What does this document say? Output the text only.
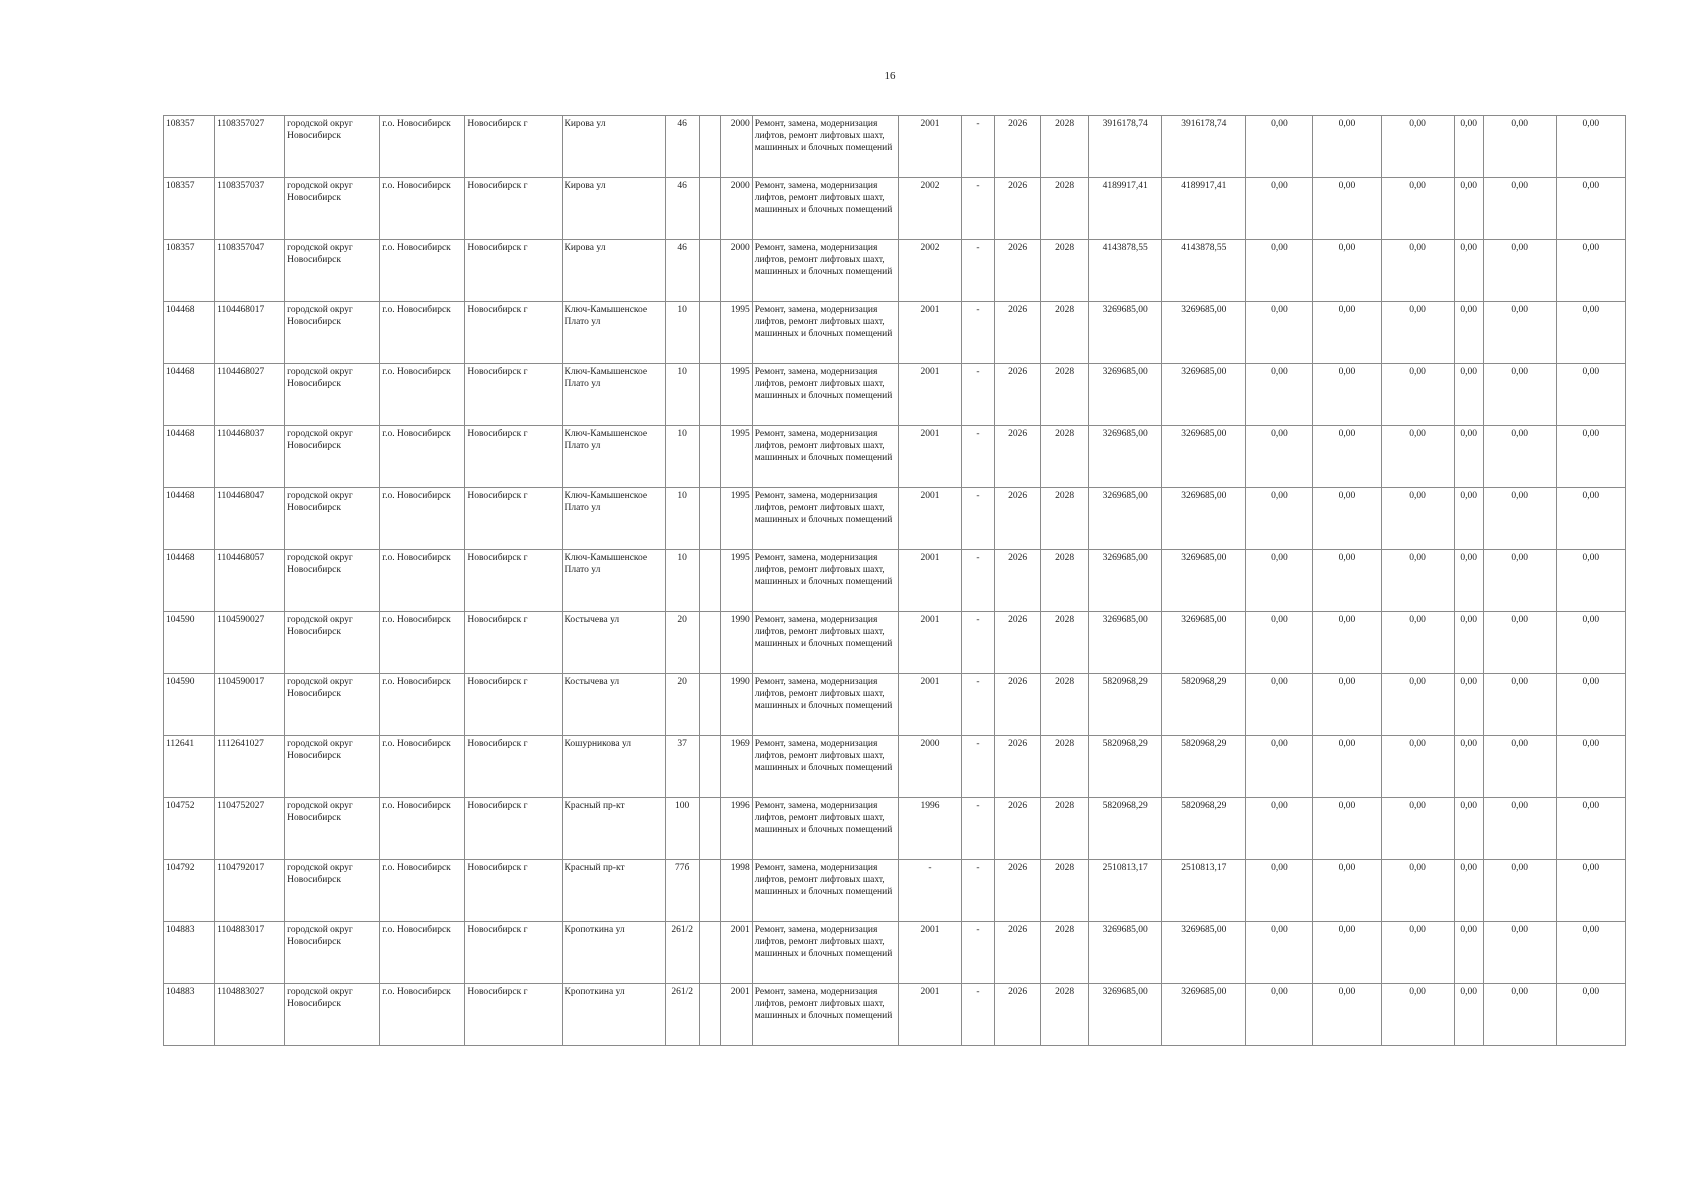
16
108357	1108357027	городской округ Новосибирск	г.о. Новосибирск	Новосибирск г	Кирова ул	46		2000	Ремонт, замена, модернизация лифтов, ремонт лифтовых шахт, машинных и блочных помещений	2001	-	2026	2028	3916178,74	3916178,74	0,00	0,00	0,00	0,00	0,00	0,00
108357	1108357037	городской округ Новосибирск	г.о. Новосибирск	Новосибирск г	Кирова ул	46		2000	Ремонт, замена, модернизация лифтов, ремонт лифтовых шахт, машинных и блочных помещений	2002	-	2026	2028	4189917,41	4189917,41	0,00	0,00	0,00	0,00	0,00	0,00
108357	1108357047	городской округ Новосибирск	г.о. Новосибирск	Новосибирск г	Кирова ул	46		2000	Ремонт, замена, модернизация лифтов, ремонт лифтовых шахт, машинных и блочных помещений	2002	-	2026	2028	4143878,55	4143878,55	0,00	0,00	0,00	0,00	0,00	0,00
104468	1104468017	городской округ Новосибирск	г.о. Новосибирск	Новосибирск г	Ключ-Камышенское Плато ул	10		1995	Ремонт, замена, модернизация лифтов, ремонт лифтовых шахт, машинных и блочных помещений	2001	-	2026	2028	3269685,00	3269685,00	0,00	0,00	0,00	0,00	0,00	0,00
104468	1104468027	городской округ Новосибирск	г.о. Новосибирск	Новосибирск г	Ключ-Камышенское Плато ул	10		1995	Ремонт, замена, модернизация лифтов, ремонт лифтовых шахт, машинных и блочных помещений	2001	-	2026	2028	3269685,00	3269685,00	0,00	0,00	0,00	0,00	0,00	0,00
104468	1104468037	городской округ Новосибирск	г.о. Новосибирск	Новосибирск г	Ключ-Камышенское Плато ул	10		1995	Ремонт, замена, модернизация лифтов, ремонт лифтовых шахт, машинных и блочных помещений	2001	-	2026	2028	3269685,00	3269685,00	0,00	0,00	0,00	0,00	0,00	0,00
104468	1104468047	городской округ Новосибирск	г.о. Новосибирск	Новосибирск г	Ключ-Камышенское Плато ул	10		1995	Ремонт, замена, модернизация лифтов, ремонт лифтовых шахт, машинных и блочных помещений	2001	-	2026	2028	3269685,00	3269685,00	0,00	0,00	0,00	0,00	0,00	0,00
104468	1104468057	городской округ Новосибирск	г.о. Новосибирск	Новосибирск г	Ключ-Камышенское Плато ул	10		1995	Ремонт, замена, модернизация лифтов, ремонт лифтовых шахт, машинных и блочных помещений	2001	-	2026	2028	3269685,00	3269685,00	0,00	0,00	0,00	0,00	0,00	0,00
104590	1104590027	городской округ Новосибирск	г.о. Новосибирск	Новосибирск г	Костычева ул	20		1990	Ремонт, замена, модернизация лифтов, ремонт лифтовых шахт, машинных и блочных помещений	2001	-	2026	2028	3269685,00	3269685,00	0,00	0,00	0,00	0,00	0,00	0,00
104590	1104590017	городской округ Новосибирск	г.о. Новосибирск	Новосибирск г	Костычева ул	20		1990	Ремонт, замена, модернизация лифтов, ремонт лифтовых шахт, машинных и блочных помещений	2001	-	2026	2028	5820968,29	5820968,29	0,00	0,00	0,00	0,00	0,00	0,00
112641	1112641027	городской округ Новосибирск	г.о. Новосибирск	Новосибирск г	Кошурникова ул	37		1969	Ремонт, замена, модернизация лифтов, ремонт лифтовых шахт, машинных и блочных помещений	2000	-	2026	2028	5820968,29	5820968,29	0,00	0,00	0,00	0,00	0,00	0,00
104752	1104752027	городской округ Новосибирск	г.о. Новосибирск	Новосибирск г	Красный пр-кт	100		1996	Ремонт, замена, модернизация лифтов, ремонт лифтовых шахт, машинных и блочных помещений	1996	-	2026	2028	5820968,29	5820968,29	0,00	0,00	0,00	0,00	0,00	0,00
104792	1104792017	городской округ Новосибирск	г.о. Новосибирск	Новосибирск г	Красный пр-кт	77б		1998	Ремонт, замена, модернизация лифтов, ремонт лифтовых шахт, машинных и блочных помещений	-	-	2026	2028	2510813,17	2510813,17	0,00	0,00	0,00	0,00	0,00	0,00
104883	1104883017	городской округ Новосибирск	г.о. Новосибирск	Новосибирск г	Кропоткина ул	261/2		2001	Ремонт, замена, модернизация лифтов, ремонт лифтовых шахт, машинных и блочных помещений	2001	-	2026	2028	3269685,00	3269685,00	0,00	0,00	0,00	0,00	0,00	0,00
104883	1104883027	городской округ Новосибирск	г.о. Новосибирск	Новосибирск г	Кропоткина ул	261/2		2001	Ремонт, замена, модернизация лифтов, ремонт лифтовых шахт, машинных и блочных помещений	2001	-	2026	2028	3269685,00	3269685,00	0,00	0,00	0,00	0,00	0,00	0,00
